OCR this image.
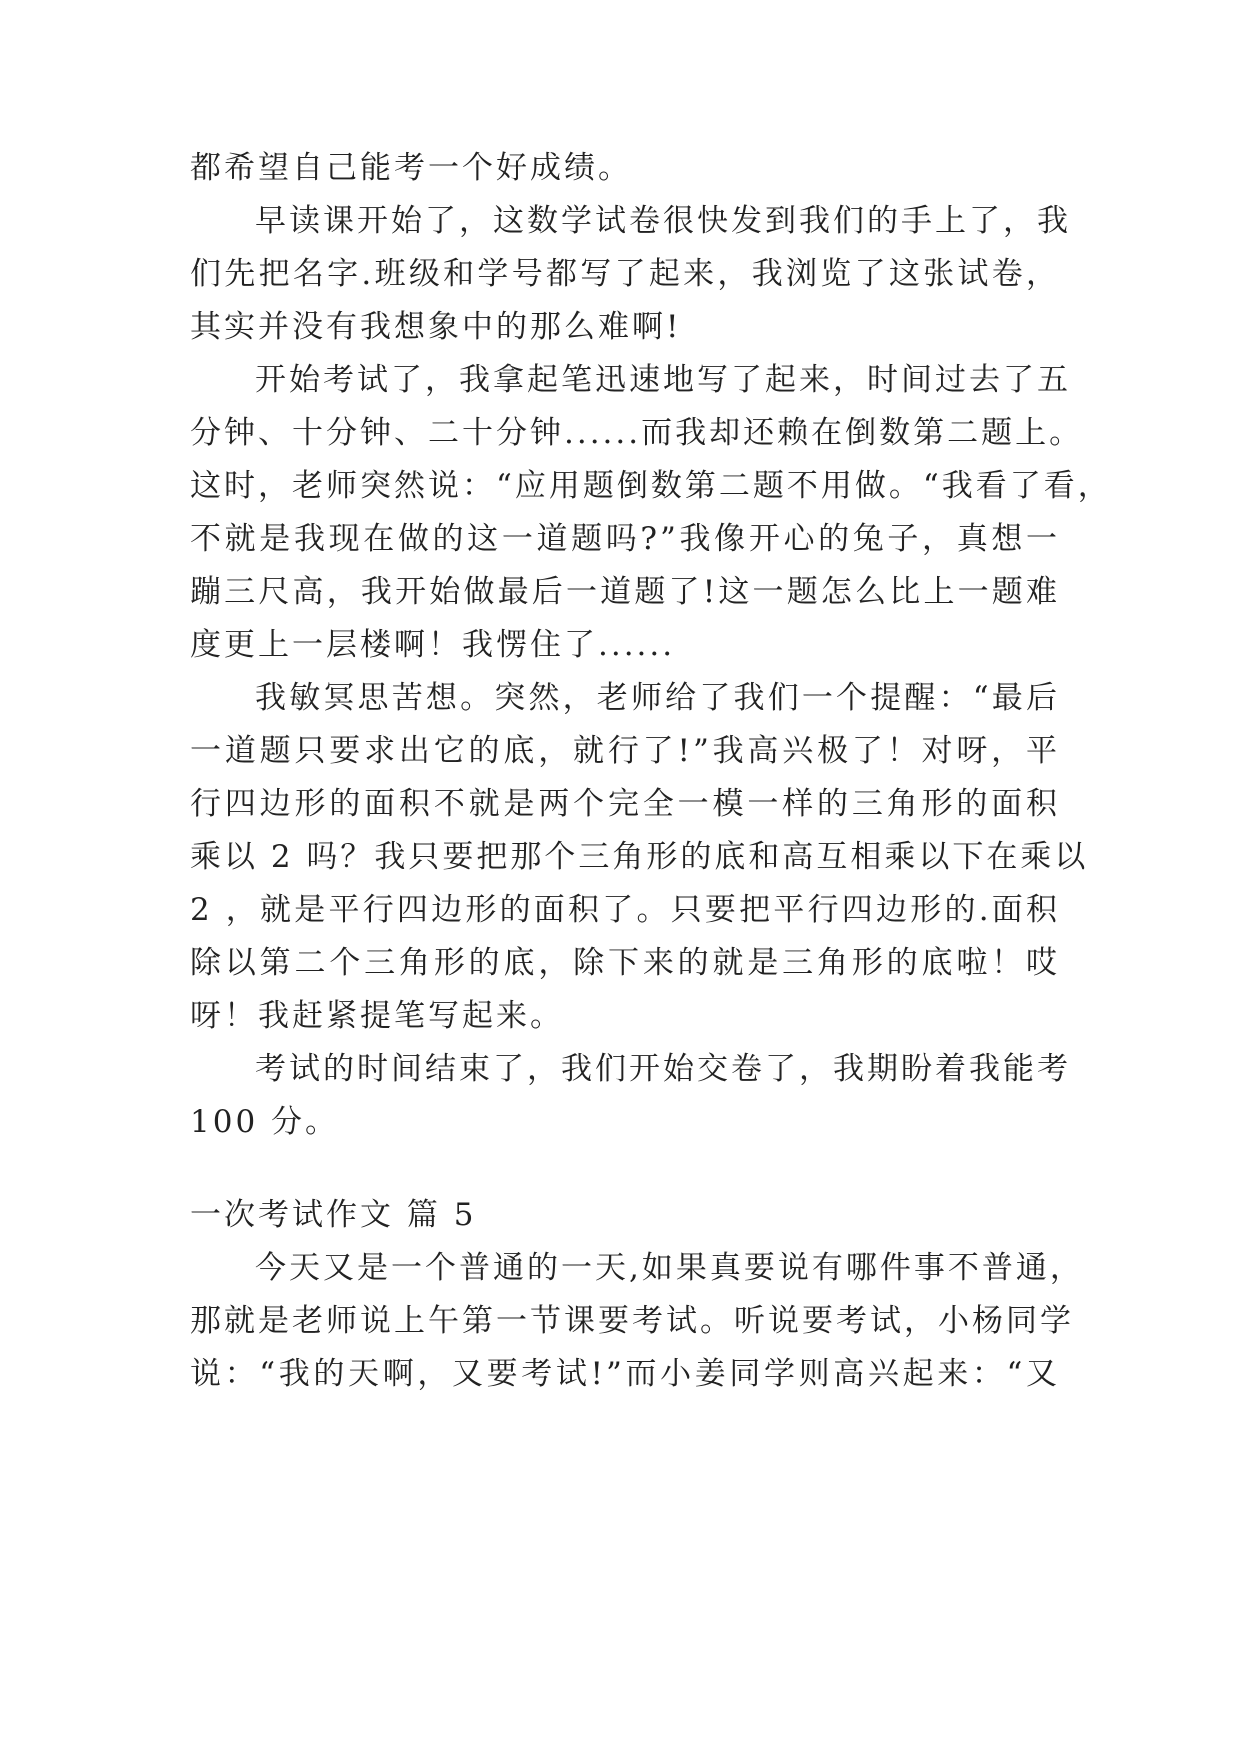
都希望自己能考一个好成绩。
早读课开始了，这数学试卷很快发到我们的手上了，我
们先把名字.班级和学号都写了起来，我浏览了这张试卷，
其实并没有我想象中的那么难啊!
开始考试了，我拿起笔迅速地写了起来，时间过去了五
分钟、十分钟、二十分钟......而我却还赖在倒数第二题上。
这时，老师突然说：“应用题倒数第二题不用做。“我看了看，
不就是我现在做的这一道题吗?”我像开心的兔子，真想一
蹦三尺高，我开始做最后一道题了!这一题怎么比上一题难
度更上一层楼啊！我愣住了......
我敏冥思苦想。突然，老师给了我们一个提醒：“最后
一道题只要求出它的底，就行了!”我高兴极了！对呀，平
行四边形的面积不就是两个完全一模一样的三角形的面积
乘以 2 吗？我只要把那个三角形的底和高互相乘以下在乘以
2 ，就是平行四边形的面积了。只要把平行四边形的.面积
除以第二个三角形的底，除下来的就是三角形的底啦！哎
呀！我赶紧提笔写起来。
考试的时间结束了，我们开始交卷了，我期盼着我能考
100 分。
一次考试作文 篇 5
今天又是一个普通的一天,如果真要说有哪件事不普通，
那就是老师说上午第一节课要考试。听说要考试，小杨同学
说：“我的天啊，又要考试!”而小姜同学则高兴起来：“又
